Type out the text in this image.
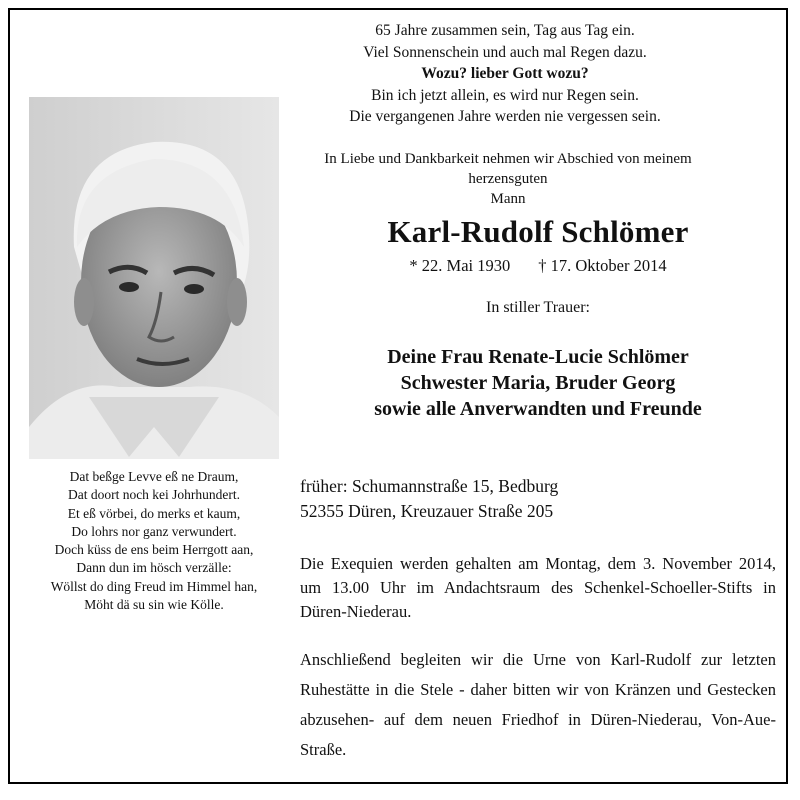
65 Jahre zusammen sein, Tag aus Tag ein.
Viel Sonnenschein und auch mal Regen dazu.
Wozu? lieber Gott wozu?
Bin ich jetzt allein, es wird nur Regen sein.
Die vergangenen Jahre werden nie vergessen sein.
In Liebe und Dankbarkeit nehmen wir Abschied von meinem herzensguten
Mann
Karl-Rudolf Schlömer
* 22. Mai 1930 † 17. Oktober 2014
In stiller Trauer:
Deine Frau Renate-Lucie Schlömer
Schwester Maria, Bruder Georg
sowie alle Anverwandten und Freunde
früher: Schumannstraße 15, Bedburg
52355 Düren, Kreuzauer Straße 205
Die Exequien werden gehalten am Montag, dem 3. November 2014, um 13.00 Uhr im Andachtsraum des Schenkel-Schoeller-Stifts in Düren-Niederau.
Anschließend begleiten wir die Urne von Karl-Rudolf zur letzten Ruhestätte in die Stele - daher bitten wir von Kränzen und Gestecken abzusehen- auf dem neuen Friedhof in Düren-Niederau, Von-Aue-Straße.
Dat beßge Levve eß ne Draum,
Dat doort noch kei Johrhundert.
Et eß vörbei, do merks et kaum,
Do lohrs nor ganz verwundert.
Doch küss de ens beim Herrgott aan,
Dann dun im hösch verzälle:
Wöllst do ding Freud im Himmel han,
Möht dä su sin wie Kölle.
